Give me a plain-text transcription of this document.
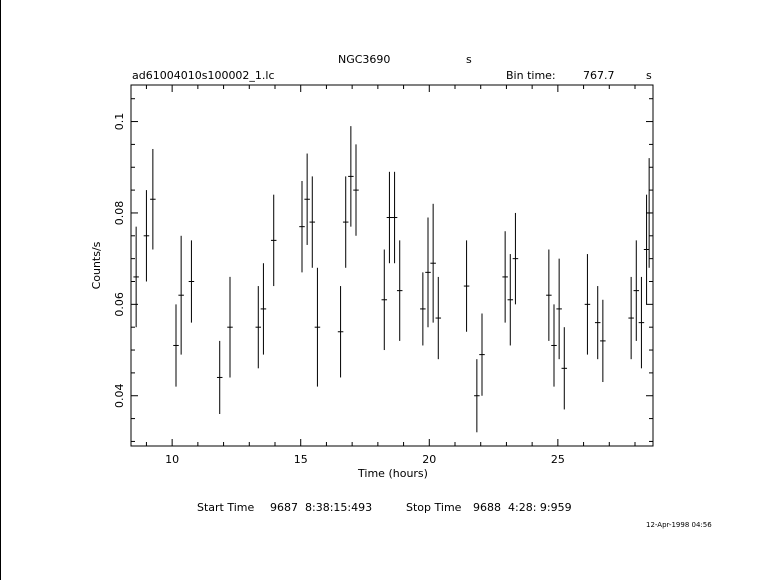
NGC3690	s
ad61004010s100002_1.lc	Bin time: 767.7	s
10	15	20	25
0.04
0.06
0.08
0.1
Time (hours)
Counts/s
Start Time 9687  8:38:15:493	Stop Time 9688  4:28: 9:959
12-Apr-1998 04:56
